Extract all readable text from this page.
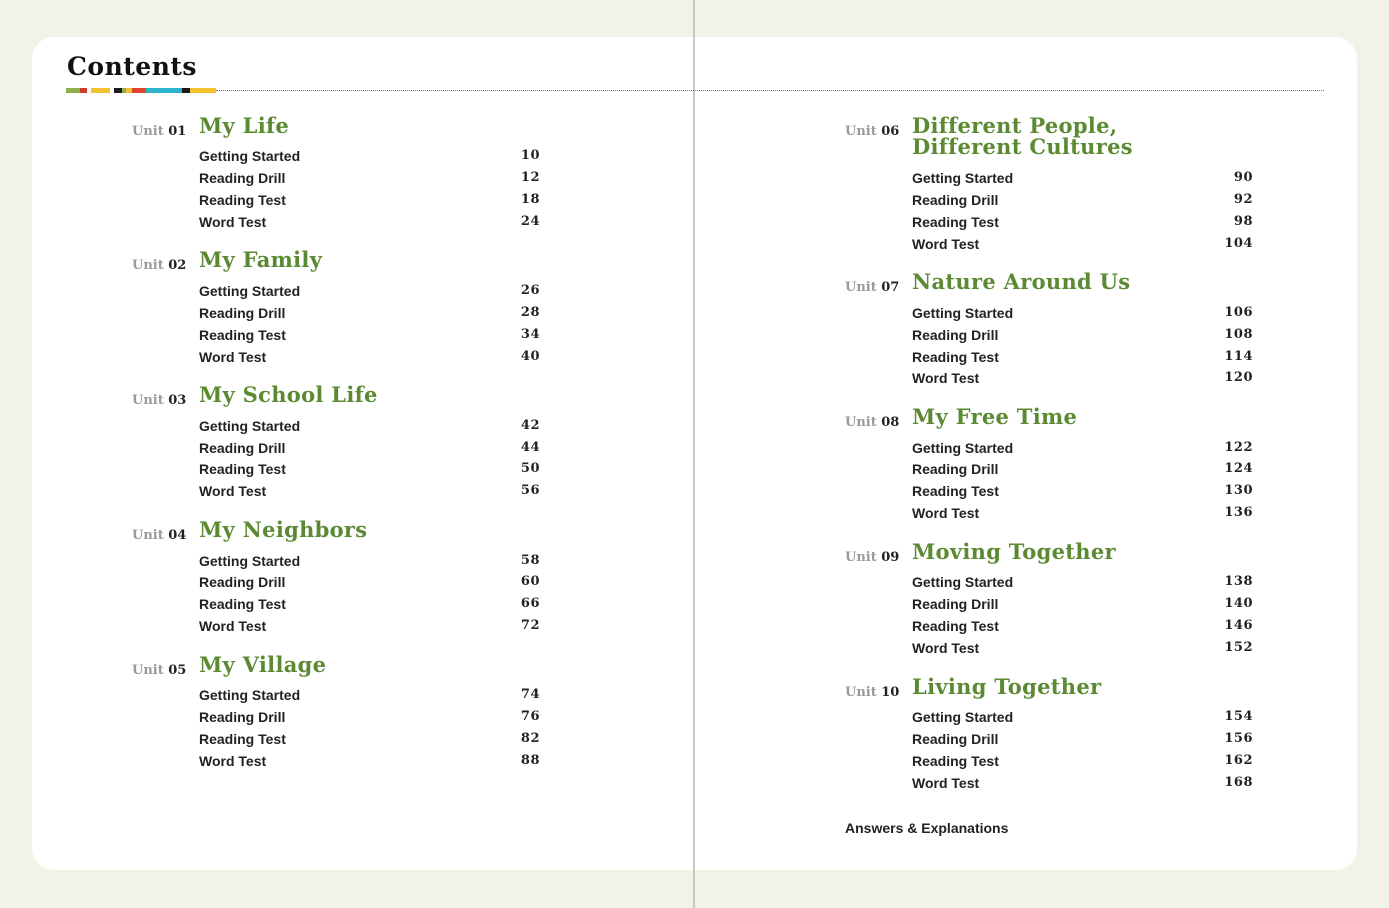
Contents
Unit 01 My Life
Getting Started	10
Reading Drill	12
Reading Test	18
Word Test	24
Unit 02 My Family
Getting Started	26
Reading Drill	28
Reading Test	34
Word Test	40
Unit 03 My School Life
Getting Started	42
Reading Drill	44
Reading Test	50
Word Test	56
Unit 04 My Neighbors
Getting Started	58
Reading Drill	60
Reading Test	66
Word Test	72
Unit 05 My Village
Getting Started	74
Reading Drill	76
Reading Test	82
Word Test	88
Unit 06 Different People,
Different Cultures
Getting Started	90
Reading Drill	92
Reading Test	98
Word Test	104
Unit 07 Nature Around Us
Getting Started	106
Reading Drill	108
Reading Test	114
Word Test	120
Unit 08 My Free Time
Getting Started	122
Reading Drill	124
Reading Test	130
Word Test	136
Unit 09 Moving Together
Getting Started	138
Reading Drill	140
Reading Test	146
Word Test	152
Unit 10 Living Together
Getting Started	154
Reading Drill	156
Reading Test	162
Word Test	168
Answers & Explanations
